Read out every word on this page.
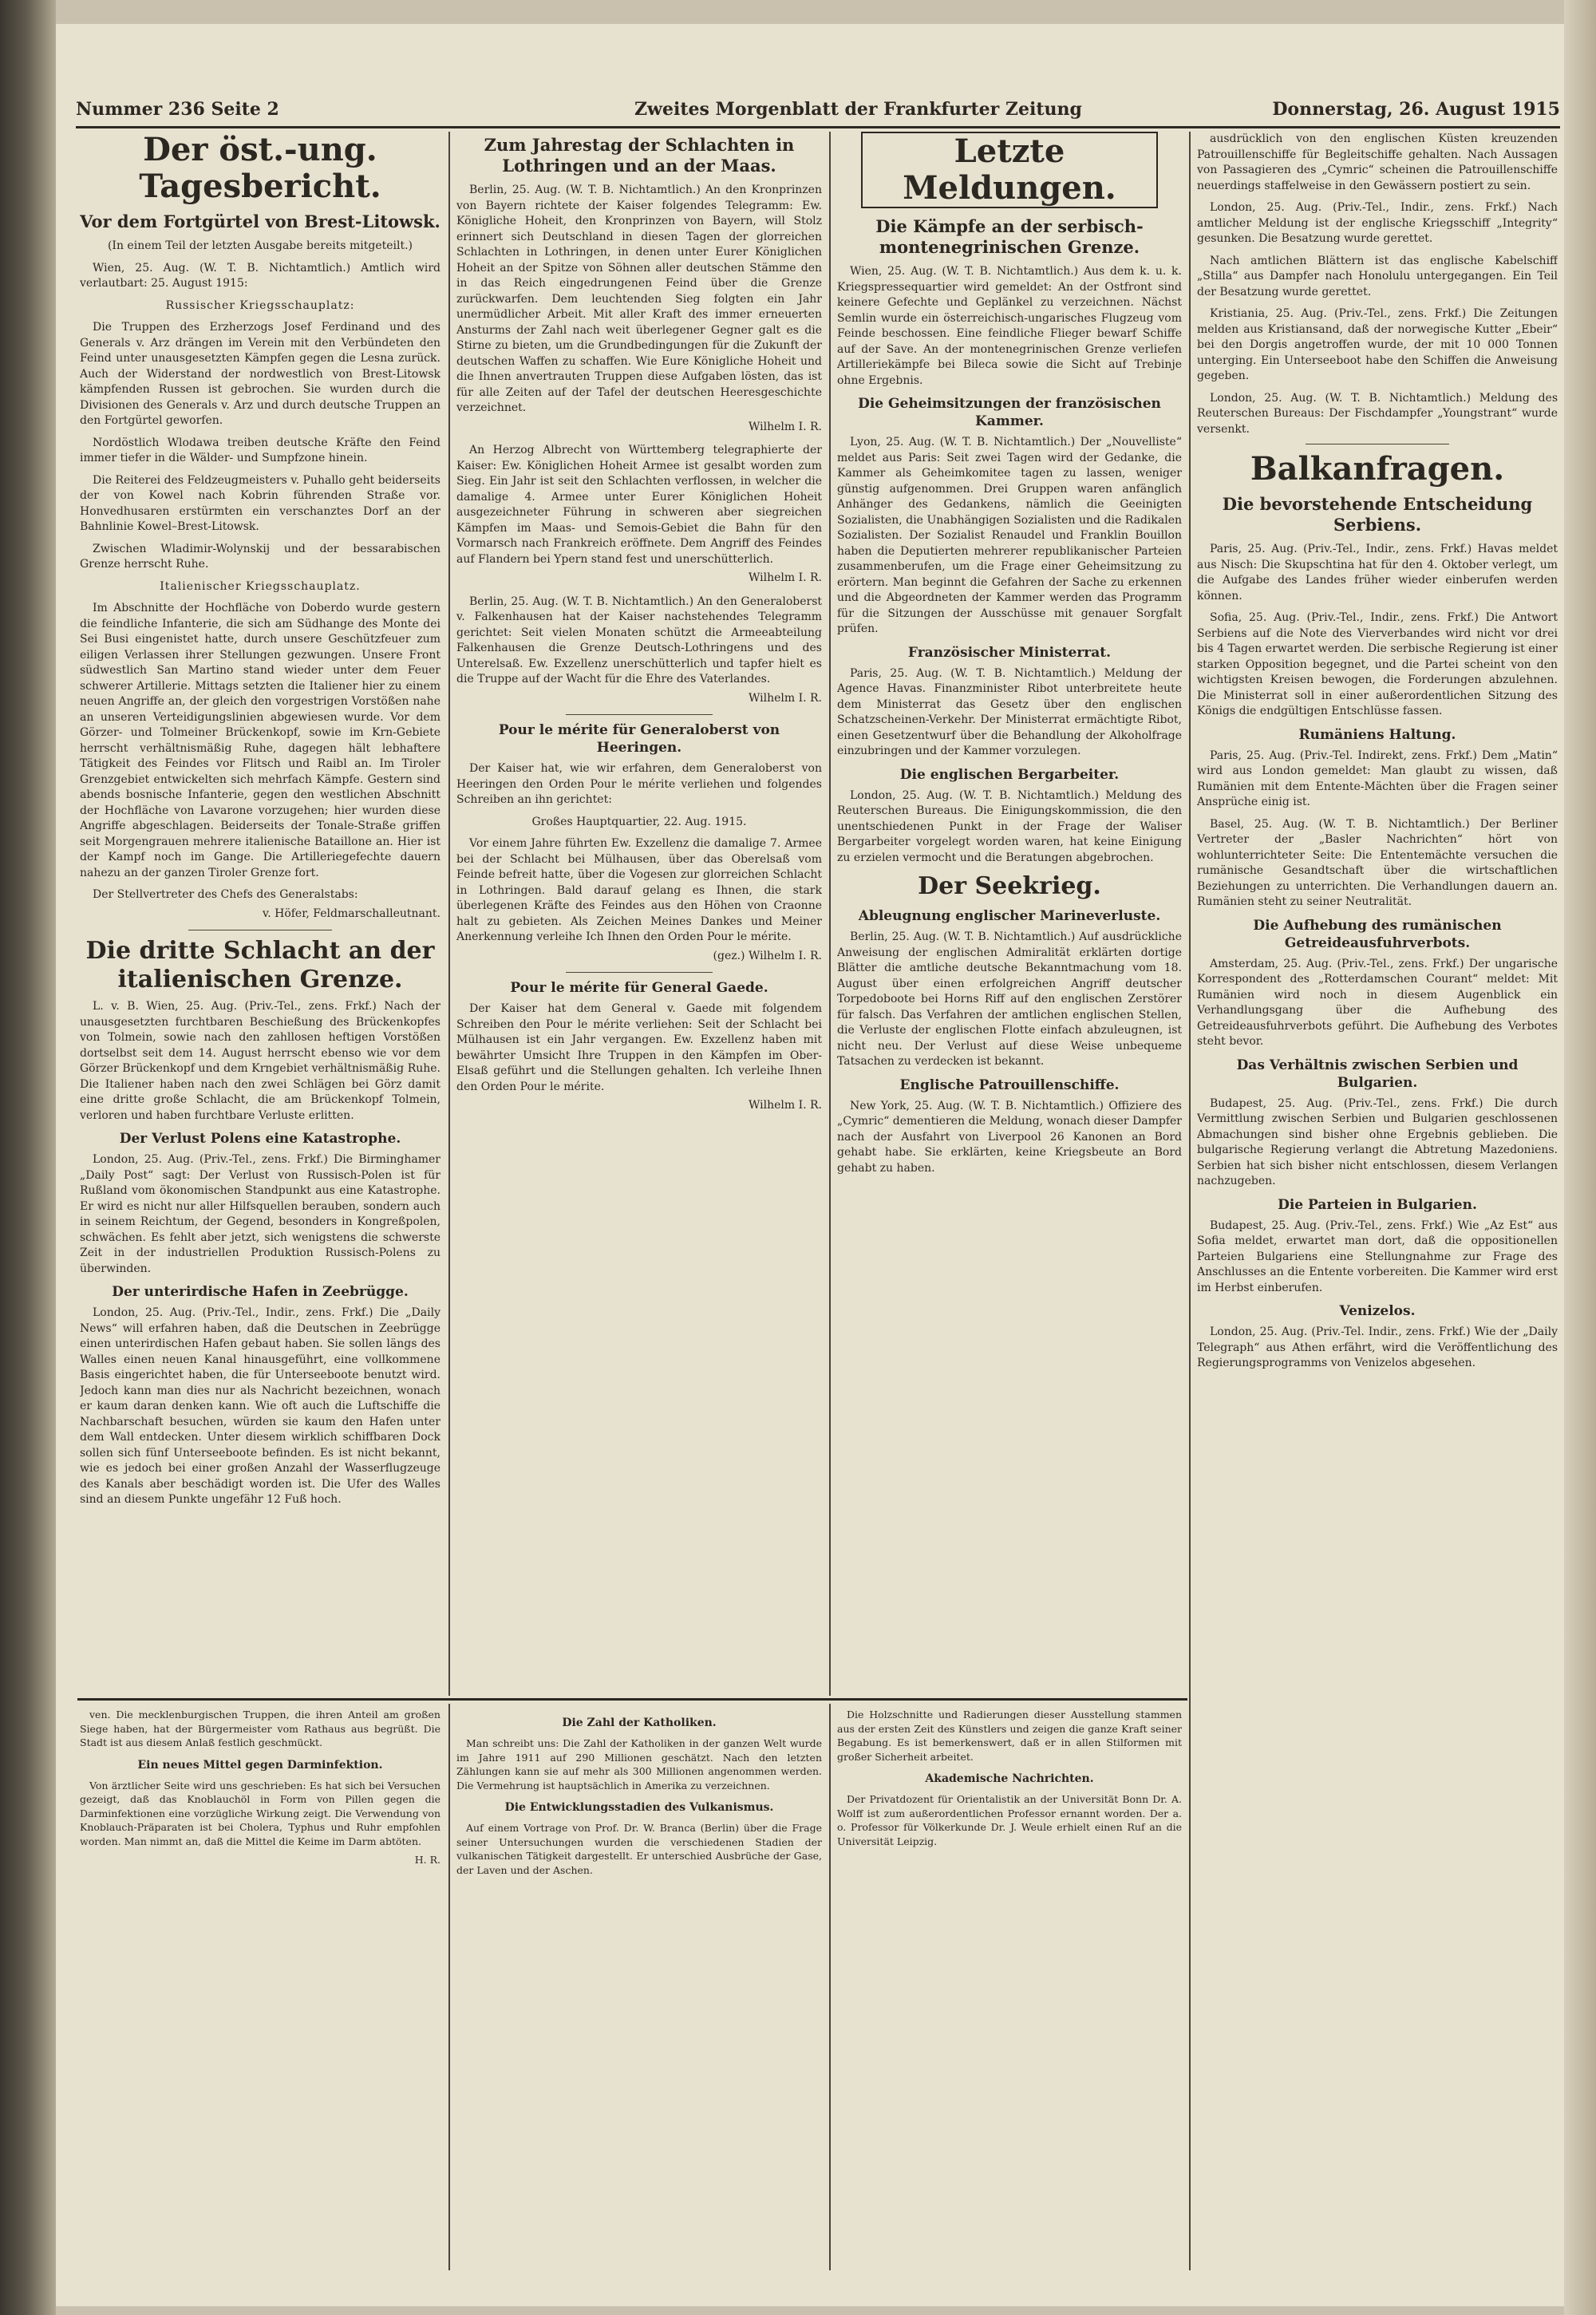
Nummer 236 Seite 2	Zweites Morgenblatt der Frankfurter Zeitung	Donnerstag, 26. August 1915
Der öst.-ung. Tagesbericht.
Vor dem Fortgürtel von Brest-Litowsk.

(In einem Teil der letzten Ausgabe bereits mitgeteilt.)

Wien, 25. Aug. (W. T. B. Nichtamtlich.) Amtlich wird verlautbart: 25. August 1915:

Russischer Kriegsschauplatz:

Die Truppen des Erzherzogs Josef Ferdinand und des Generals v. Arz drängen im Verein mit den Verbündeten den Feind unter unausgesetzten Kämpfen gegen die Lesna zurück. Auch der Widerstand der nordwestlich von Brest-Litowsk kämpfenden Russen ist gebrochen. Sie wurden durch die Divisionen des Generals v. Arz und durch deutsche Truppen an den Fortgürtel geworfen.

Nordöstlich Wlodawa treiben deutsche Kräfte den Feind immer tiefer in die Wälder- und Sumpfzone hinein.

Die Reiterei des Feldzeugmeisters v. Puhallo geht beiderseits der von Kowel nach Kobrin führenden Straße vor. Honvedhusaren erstürmten ein verschanztes Dorf an der Bahnlinie Kowel–Brest-Litowsk.

Zwischen Wladimir-Wolynskij und der bessarabischen Grenze herrscht Ruhe.

Italienischer Kriegsschauplatz.

Im Abschnitte der Hochfläche von Doberdo wurde gestern die feindliche Infanterie, die sich am Südhange des Monte dei Sei Busi eingenistet hatte, durch unsere Geschützfeuer zum eiligen Verlassen ihrer Stellungen gezwungen. Unsere Front südwestlich San Martino stand wieder unter dem Feuer schwerer Artillerie. Mittags setzten die Italiener hier zu einem neuen Angriffe an, der gleich den vorgestrigen Vorstößen nahe an unseren Verteidigungslinien abgewiesen wurde. Vor dem Görzer- und Tolmeiner Brückenkopf, sowie im Krn-Gebiete herrscht verhältnismäßig Ruhe, dagegen hält lebhaftere Tätigkeit des Feindes vor Flitsch und Raibl an. Im Tiroler Grenzgebiet entwickelten sich mehrfach Kämpfe. Gestern sind abends bosnische Infanterie, gegen den westlichen Abschnitt der Hochfläche von Lavarone vorzugehen; hier wurden diese Angriffe abgeschlagen. Beiderseits der Tonale-Straße griffen seit Morgengrauen mehrere italienische Bataillone an. Hier ist der Kampf noch im Gange. Die Artilleriegefechte dauern nahezu an der ganzen Tiroler Grenze fort.

Der Stellvertreter des Chefs des Generalstabs:

v. Höfer, Feldmarschalleutnant.

Die dritte Schlacht an der italienischen Grenze.

L. v. B. Wien, 25. Aug. (Priv.-Tel., zens. Frkf.) Nach der unausgesetzten furchtbaren Beschießung des Brückenkopfes von Tolmein, sowie nach den zahllosen heftigen Vorstößen dortselbst seit dem 14. August herrscht ebenso wie vor dem Görzer Brückenkopf und dem Krngebiet verhältnismäßig Ruhe. Die Italiener haben nach den zwei Schlägen bei Görz damit eine dritte große Schlacht, die am Brückenkopf Tolmein, verloren und haben furchtbare Verluste erlitten.

Der Verlust Polens eine Katastrophe.

London, 25. Aug. (Priv.-Tel., zens. Frkf.) Die Birminghamer „Daily Post“ sagt: Der Verlust von Russisch-Polen ist für Rußland vom ökonomischen Standpunkt aus eine Katastrophe. Er wird es nicht nur aller Hilfsquellen berauben, sondern auch in seinem Reichtum, der Gegend, besonders in Kongreßpolen, schwächen. Es fehlt aber jetzt, sich wenigstens die schwerste Zeit in der industriellen Produktion Russisch-Polens zu überwinden.

Der unterirdische Hafen in Zeebrügge.

London, 25. Aug. (Priv.-Tel., Indir., zens. Frkf.) Die „Daily News“ will erfahren haben, daß die Deutschen in Zeebrügge einen unterirdischen Hafen gebaut haben. Sie sollen längs des Walles einen neuen Kanal hinausgeführt, eine vollkommene Basis eingerichtet haben, die für Unterseeboote benutzt wird. Jedoch kann man dies nur als Nachricht bezeichnen, wonach er kaum daran denken kann. Wie oft auch die Luftschiffe die Nachbarschaft besuchen, würden sie kaum den Hafen unter dem Wall entdecken. Unter diesem wirklich schiffbaren Dock sollen sich fünf Unterseeboote befinden. Es ist nicht bekannt, wie es jedoch bei einer großen Anzahl der Wasserflugzeuge des Kanals aber beschädigt worden ist. Die Ufer des Walles sind an diesem Punkte ungefähr 12 Fuß hoch.

Zum Jahrestag der Schlachten in Lothringen und an der Maas.

Berlin, 25. Aug. (W. T. B. Nichtamtlich.) An den Kronprinzen von Bayern richtete der Kaiser folgendes Telegramm: Ew. Königliche Hoheit, den Kronprinzen von Bayern, will Stolz erinnert sich Deutschland in diesen Tagen der glorreichen Schlachten in Lothringen, in denen unter Eurer Königlichen Hoheit an der Spitze von Söhnen aller deutschen Stämme den in das Reich eingedrungenen Feind über die Grenze zurückwarfen. Dem leuchtenden Sieg folgten ein Jahr unermüdlicher Arbeit. Mit aller Kraft des immer erneuerten Ansturms der Zahl nach weit überlegener Gegner galt es die Stirne zu bieten, um die Grundbedingungen für die Zukunft der deutschen Waffen zu schaffen. Wie Eure Königliche Hoheit und die Ihnen anvertrauten Truppen diese Aufgaben lösten, das ist für alle Zeiten auf der Tafel der deutschen Heeresgeschichte verzeichnet.

Wilhelm I. R.

An Herzog Albrecht von Württemberg telegraphierte der Kaiser: Ew. Königlichen Hoheit Armee ist gesalbt worden zum Sieg. Ein Jahr ist seit den Schlachten verflossen, in welcher die damalige 4. Armee unter Eurer Königlichen Hoheit ausgezeichneter Führung in schweren aber siegreichen Kämpfen im Maas- und Semois-Gebiet die Bahn für den Vormarsch nach Frankreich eröffnete. Dem Angriff des Feindes auf Flandern bei Ypern stand fest und unerschütterlich.

Wilhelm I. R.

Berlin, 25. Aug. (W. T. B. Nichtamtlich.) An den Generaloberst v. Falkenhausen hat der Kaiser nachstehendes Telegramm gerichtet: Seit vielen Monaten schützt die Armeeabteilung Falkenhausen die Grenze Deutsch-Lothringens und des Unterelsaß. Ew. Exzellenz unerschütterlich und tapfer hielt es die Truppe auf der Wacht für die Ehre des Vaterlandes.

Wilhelm I. R.

Pour le mérite für Generaloberst von Heeringen.

Der Kaiser hat, wie wir erfahren, dem Generaloberst von Heeringen den Orden Pour le mérite verliehen und folgendes Schreiben an ihn gerichtet:

Großes Hauptquartier, 22. Aug. 1915.

Vor einem Jahre führten Ew. Exzellenz die damalige 7. Armee bei der Schlacht bei Mülhausen, über das Oberelsaß vom Feinde befreit hatte, über die Vogesen zur glorreichen Schlacht in Lothringen. Bald darauf gelang es Ihnen, die stark überlegenen Kräfte des Feindes aus den Höhen von Craonne halt zu gebieten. Als Zeichen Meines Dankes und Meiner Anerkennung verleihe Ich Ihnen den Orden Pour le mérite.

(gez.) Wilhelm I. R.

Pour le mérite für General Gaede.

Der Kaiser hat dem General v. Gaede mit folgendem Schreiben den Pour le mérite verliehen: Seit der Schlacht bei Mülhausen ist ein Jahr vergangen. Ew. Exzellenz haben mit bewährter Umsicht Ihre Truppen in den Kämpfen im Ober-Elsaß geführt und die Stellungen gehalten. Ich verleihe Ihnen den Orden Pour le mérite.

Wilhelm I. R.

Letzte Meldungen.
Die Kämpfe an der serbisch-montenegrinischen Grenze.

Wien, 25. Aug. (W. T. B. Nichtamtlich.) Aus dem k. u. k. Kriegspressequartier wird gemeldet: An der Ostfront sind keinere Gefechte und Geplänkel zu verzeichnen. Nächst Semlin wurde ein österreichisch-ungarisches Flugzeug vom Feinde beschossen. Eine feindliche Flieger bewarf Schiffe auf der Save. An der montenegrinischen Grenze verliefen Artilleriekämpfe bei Bileca sowie die Sicht auf Trebinje ohne Ergebnis.

Die Geheimsitzungen der französischen Kammer.

Lyon, 25. Aug. (W. T. B. Nichtamtlich.) Der „Nouvelliste“ meldet aus Paris: Seit zwei Tagen wird der Gedanke, die Kammer als Geheimkomitee tagen zu lassen, weniger günstig aufgenommen. Drei Gruppen waren anfänglich Anhänger des Gedankens, nämlich die Geeinigten Sozialisten, die Unabhängigen Sozialisten und die Radikalen Sozialisten. Der Sozialist Renaudel und Franklin Bouillon haben die Deputierten mehrerer republikanischer Parteien zusammenberufen, um die Frage einer Geheimsitzung zu erörtern. Man beginnt die Gefahren der Sache zu erkennen und die Abgeordneten der Kammer werden das Programm für die Sitzungen der Ausschüsse mit genauer Sorgfalt prüfen.

Französischer Ministerrat.

Paris, 25. Aug. (W. T. B. Nichtamtlich.) Meldung der Agence Havas. Finanzminister Ribot unterbreitete heute dem Ministerrat das Gesetz über den englischen Schatzscheinen-Verkehr. Der Ministerrat ermächtigte Ribot, einen Gesetzentwurf über die Behandlung der Alkoholfrage einzubringen und der Kammer vorzulegen.

Die englischen Bergarbeiter.

London, 25. Aug. (W. T. B. Nichtamtlich.) Meldung des Reuterschen Bureaus. Die Einigungskommission, die den unentschiedenen Punkt in der Frage der Waliser Bergarbeiter vorgelegt worden waren, hat keine Einigung zu erzielen vermocht und die Beratungen abgebrochen.

Der Seekrieg.
Ableugnung englischer Marineverluste.

Berlin, 25. Aug. (W. T. B. Nichtamtlich.) Auf ausdrückliche Anweisung der englischen Admiralität erklärten dortige Blätter die amtliche deutsche Bekanntmachung vom 18. August über einen erfolgreichen Angriff deutscher Torpedoboote bei Horns Riff auf den englischen Zerstörer für falsch. Das Verfahren der amtlichen englischen Stellen, die Verluste der englischen Flotte einfach abzuleugnen, ist nicht neu. Der Verlust auf diese Weise unbequeme Tatsachen zu verdecken ist bekannt.

Englische Patrouillenschiffe.

New York, 25. Aug. (W. T. B. Nichtamtlich.) Offiziere des „Cymric“ dementieren die Meldung, wonach dieser Dampfer nach der Ausfahrt von Liverpool 26 Kanonen an Bord gehabt habe. Sie erklärten, keine Kriegsbeute an Bord gehabt zu haben.

ausdrücklich von den englischen Küsten kreuzenden Patrouillenschiffe für Begleitschiffe gehalten. Nach Aussagen von Passagieren des „Cymric“ scheinen die Patrouillenschiffe neuerdings staffelweise in den Gewässern postiert zu sein.

London, 25. Aug. (Priv.-Tel., Indir., zens. Frkf.) Nach amtlicher Meldung ist der englische Kriegsschiff „Integrity“ gesunken. Die Besatzung wurde gerettet.

Nach amtlichen Blättern ist das englische Kabelschiff „Stilla“ aus Dampfer nach Honolulu untergegangen. Ein Teil der Besatzung wurde gerettet.

Kristiania, 25. Aug. (Priv.-Tel., zens. Frkf.) Die Zeitungen melden aus Kristiansand, daß der norwegische Kutter „Ebeir“ bei den Dorgis angetroffen wurde, der mit 10 000 Tonnen unterging. Ein Unterseeboot habe den Schiffen die Anweisung gegeben.

London, 25. Aug. (W. T. B. Nichtamtlich.) Meldung des Reuterschen Bureaus: Der Fischdampfer „Youngstrant“ wurde versenkt.

Balkanfragen.
Die bevorstehende Entscheidung Serbiens.

Paris, 25. Aug. (Priv.-Tel., Indir., zens. Frkf.) Havas meldet aus Nisch: Die Skupschtina hat für den 4. Oktober verlegt, um die Aufgabe des Landes früher wieder einberufen werden können.

Sofia, 25. Aug. (Priv.-Tel., Indir., zens. Frkf.) Die Antwort Serbiens auf die Note des Vierverbandes wird nicht vor drei bis 4 Tagen erwartet werden. Die serbische Regierung ist einer starken Opposition begegnet, und die Partei scheint von den wichtigsten Kreisen bewogen, die Forderungen abzulehnen. Die Ministerrat soll in einer außerordentlichen Sitzung des Königs die endgültigen Entschlüsse fassen.

Rumäniens Haltung.

Paris, 25. Aug. (Priv.-Tel. Indirekt, zens. Frkf.) Dem „Matin“ wird aus London gemeldet: Man glaubt zu wissen, daß Rumänien mit dem Entente-Mächten über die Fragen seiner Ansprüche einig ist.

Basel, 25. Aug. (W. T. B. Nichtamtlich.) Der Berliner Vertreter der „Basler Nachrichten“ hört von wohlunterrichteter Seite: Die Ententemächte versuchen die rumänische Gesandtschaft über die wirtschaftlichen Beziehungen zu unterrichten. Die Verhandlungen dauern an. Rumänien steht zu seiner Neutralität.

Die Aufhebung des rumänischen Getreideausfuhrverbots.

Amsterdam, 25. Aug. (Priv.-Tel., zens. Frkf.) Der ungarische Korrespondent des „Rotterdamschen Courant“ meldet: Mit Rumänien wird noch in diesem Augenblick ein Verhandlungsgang über die Aufhebung des Getreideausfuhrverbots geführt. Die Aufhebung des Verbotes steht bevor.

Das Verhältnis zwischen Serbien und Bulgarien.

Budapest, 25. Aug. (Priv.-Tel., zens. Frkf.) Die durch Vermittlung zwischen Serbien und Bulgarien geschlossenen Abmachungen sind bisher ohne Ergebnis geblieben. Die bulgarische Regierung verlangt die Abtretung Mazedoniens. Serbien hat sich bisher nicht entschlossen, diesem Verlangen nachzugeben.

Die Parteien in Bulgarien.

Budapest, 25. Aug. (Priv.-Tel., zens. Frkf.) Wie „Az Est“ aus Sofia meldet, erwartet man dort, daß die oppositionellen Parteien Bulgariens eine Stellungnahme zur Frage des Anschlusses an die Entente vorbereiten. Die Kammer wird erst im Herbst einberufen.

Venizelos.

London, 25. Aug. (Priv.-Tel. Indir., zens. Frkf.) Wie der „Daily Telegraph“ aus Athen erfährt, wird die Veröffentlichung des Regierungsprogramms von Venizelos abgesehen.

ven. Die mecklenburgischen Truppen, die ihren Anteil am großen Siege haben, hat der Bürgermeister vom Rathaus aus begrüßt. Die Stadt ist aus diesem Anlaß festlich geschmückt.

Ein neues Mittel gegen Darminfektion.

Von ärztlicher Seite wird uns geschrieben: Es hat sich bei Versuchen gezeigt, daß das Knoblauchöl in Form von Pillen gegen die Darminfektionen eine vorzügliche Wirkung zeigt. Die Verwendung von Knoblauch-Präparaten ist bei Cholera, Typhus und Ruhr empfohlen worden. Man nimmt an, daß die Mittel die Keime im Darm abtöten.

H. R.

Die Zahl der Katholiken.

Man schreibt uns: Die Zahl der Katholiken in der ganzen Welt wurde im Jahre 1911 auf 290 Millionen geschätzt. Nach den letzten Zählungen kann sie auf mehr als 300 Millionen angenommen werden. Die Vermehrung ist hauptsächlich in Amerika zu verzeichnen.

Die Entwicklungsstadien des Vulkanismus.

Auf einem Vortrage von Prof. Dr. W. Branca (Berlin) über die Frage seiner Untersuchungen wurden die verschiedenen Stadien der vulkanischen Tätigkeit dargestellt. Er unterschied Ausbrüche der Gase, der Laven und der Aschen.

Die Holzschnitte und Radierungen dieser Ausstellung stammen aus der ersten Zeit des Künstlers und zeigen die ganze Kraft seiner Begabung. Es ist bemerkenswert, daß er in allen Stilformen mit großer Sicherheit arbeitet.

Akademische Nachrichten.

Der Privatdozent für Orientalistik an der Universität Bonn Dr. A. Wolff ist zum außerordentlichen Professor ernannt worden. Der a. o. Professor für Völkerkunde Dr. J. Weule erhielt einen Ruf an die Universität Leipzig.
